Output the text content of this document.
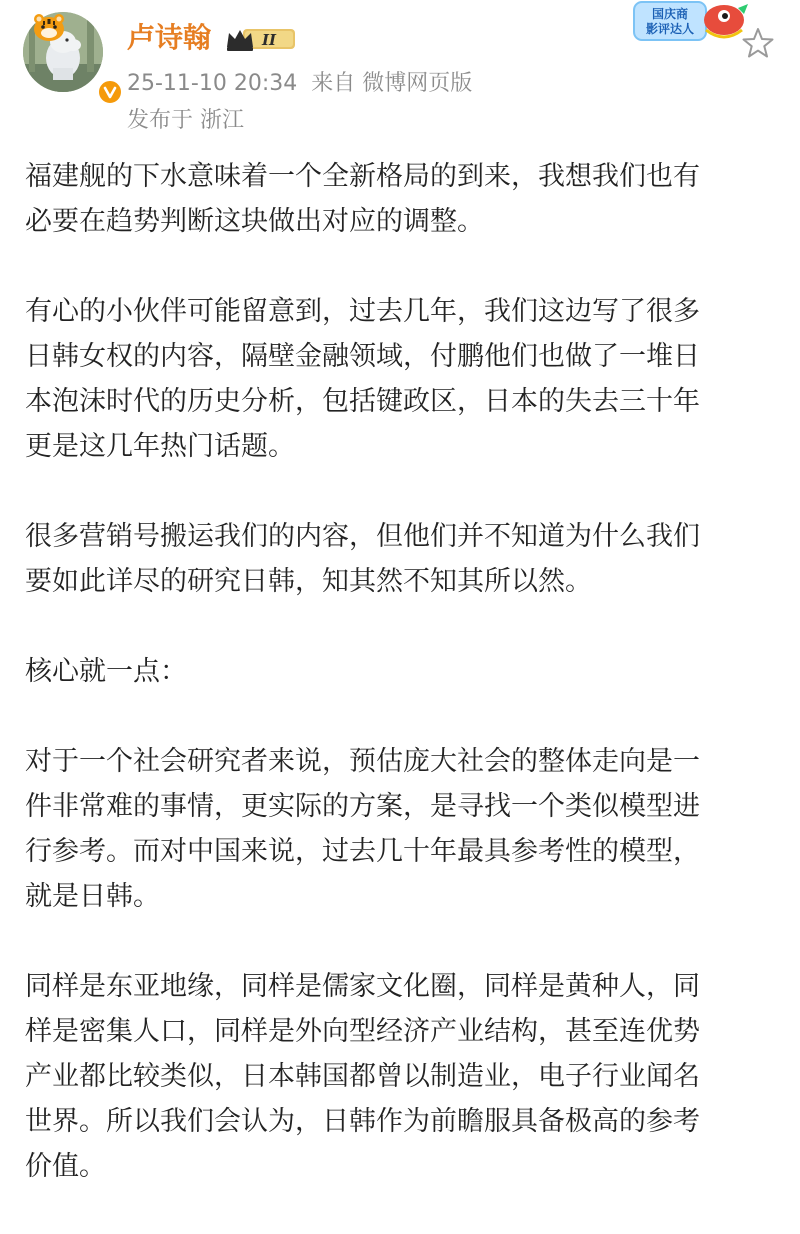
卢诗翰	II
25-11-10 20:34 来自 微博网页版
发布于 浙江
国庆商
影评达人

福建舰的下水意味着一个全新格局的到来，我想我们也有
必要在趋势判断这块做出对应的调整。

有心的小伙伴可能留意到，过去几年，我们这边写了很多
日韩女权的内容，隔壁金融领域，付鹏他们也做了一堆日
本泡沫时代的历史分析，包括键政区，日本的失去三十年
更是这几年热门话题。

很多营销号搬运我们的内容，但他们并不知道为什么我们
要如此详尽的研究日韩，知其然不知其所以然。

核心就一点：

对于一个社会研究者来说，预估庞大社会的整体走向是一
件非常难的事情，更实际的方案，是寻找一个类似模型进
行参考。而对中国来说，过去几十年最具参考性的模型，
就是日韩。

同样是东亚地缘，同样是儒家文化圈，同样是黄种人，同
样是密集人口，同样是外向型经济产业结构，甚至连优势
产业都比较类似，日本韩国都曾以制造业，电子行业闻名
世界。所以我们会认为，日韩作为前瞻服具备极高的参考
价值。
